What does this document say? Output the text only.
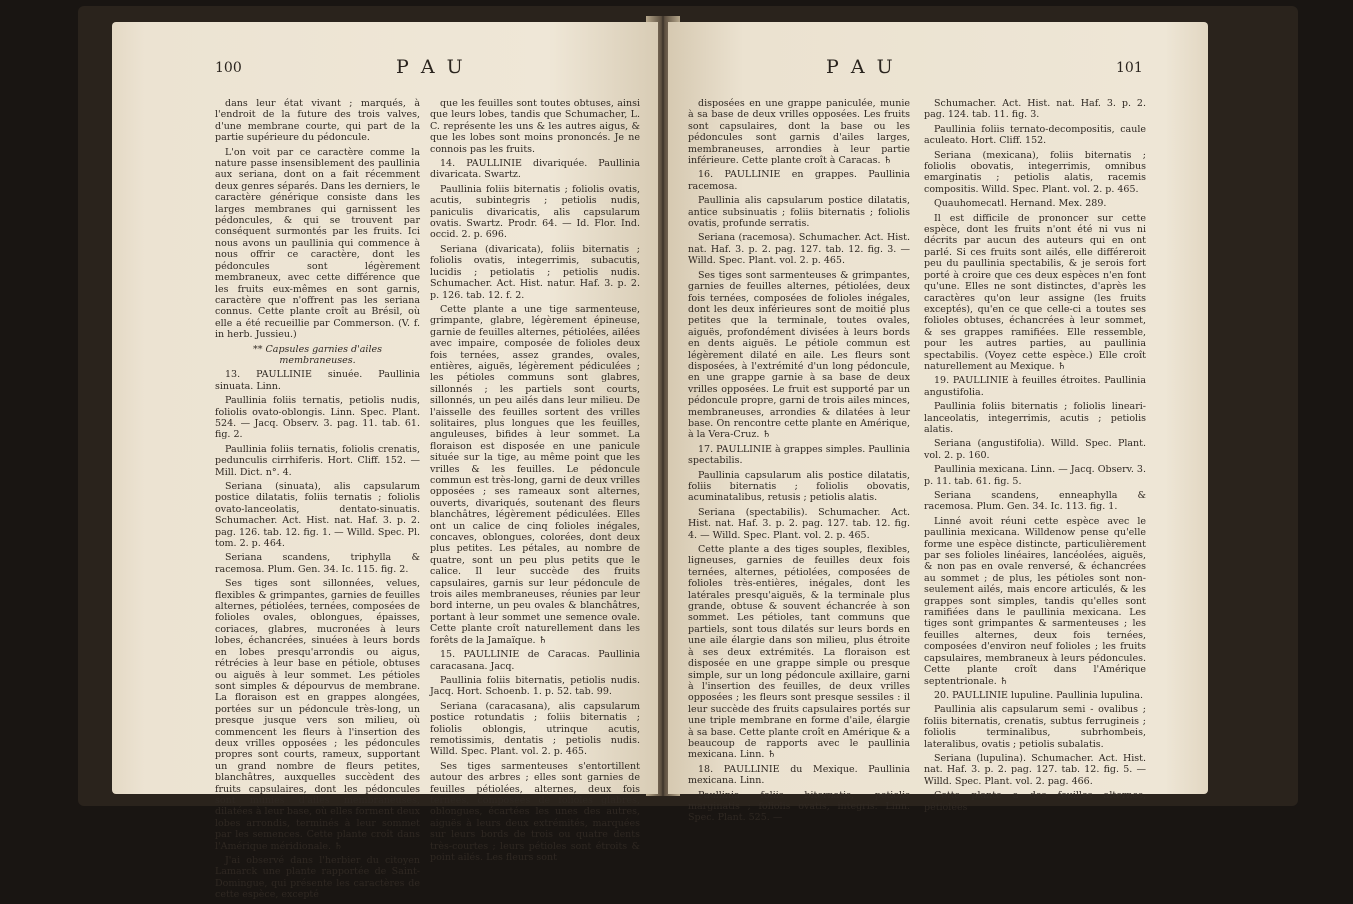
100	P A U

dans leur état vivant ; marqués, à l'endroit de la future des trois valves, d'une membrane courte, qui part de la partie supérieure du pédoncule.

L'on voit par ce caractère comme la nature passe insensiblement des paullinia aux seriana, dont on a fait récemment deux genres séparés. Dans les derniers, le caractère générique consiste dans les larges membranes qui garnissent les pédoncules, & qui se trouvent par conséquent surmontés par les fruits. Ici nous avons un paullinia qui commence à nous offrir ce caractère, dont les pédoncules sont légèrement membraneux, avec cette différence que les fruits eux-mêmes en sont garnis, caractère que n'offrent pas les seriana connus. Cette plante croît au Brésil, où elle a été recueillie par Commerson. (V. f. in herb. Jussieu.)

** Capsules garnies d'ailes membraneuses.

13. PAULLINIE sinuée. Paullinia sinuata. Linn.

Paullinia foliis ternatis, petiolis nudis, foliolis ovato-oblongis. Linn. Spec. Plant. 524. — Jacq. Observ. 3. pag. 11. tab. 61. fig. 2.

Paullinia foliis ternatis, foliolis crenatis, pedunculis cirrhiferis. Hort. Cliff. 152. — Mill. Dict. n°. 4.

Seriana (sinuata), alis capsularum postice dilatatis, foliis ternatis ; foliolis ovato-lanceolatis, dentato-sinuatis. Schumacher. Act. Hist. nat. Haf. 3. p. 2. pag. 126. tab. 12. fig. 1. — Willd. Spec. Pl. tom. 2. p. 464.

Seriana scandens, triphylla & racemosa. Plum. Gen. 34. Ic. 115. fig. 2.

Ses tiges sont sillonnées, velues, flexibles & grimpantes, garnies de feuilles alternes, pétiolées, ternées, composées de folioles ovales, oblongues, épaisses, coriaces, glabres, mucronées à leurs lobes, échancrées, sinuées à leurs bords en lobes presqu'arrondis ou aigus, rétrécies à leur base en pétiole, obtuses ou aiguës à leur sommet. Les pétioles sont simples & dépourvus de membrane. La floraison est en grappes alongées, portées sur un pédoncule très-long, un presque jusque vers son milieu, où commencent les fleurs à l'insertion des deux vrilles opposées ; les pédoncules propres sont courts, rameux, supportant un grand nombre de fleurs petites, blanchâtres, auxquelles succèdent des fruits capsulaires, dont les pédoncules sont munies d'ailes membraneuses, dilatées à leur base, où elles forment deux lobes arrondis, terminés à leur sommet par les semences. Cette plante croît dans l'Amérique méridionale. ♄

J'ai observé dans l'herbier du citoyen Lamarck une plante rapportée de Saint-Domingue, qui présente les caractères de cette espèce, excepté

que les feuilles sont toutes obtuses, ainsi que leurs lobes, tandis que Schumacher, L. C. représente les uns & les autres aigus, & que les lobes sont moins prononcés. Je ne connois pas les fruits.

14. PAULLINIE divariquée. Paullinia divaricata. Swartz.

Paullinia foliis biternatis ; foliolis ovatis, acutis, subintegris ; petiolis nudis, paniculis divaricatis, alis capsularum ovatis. Swartz. Prodr. 64. — Id. Flor. Ind. occid. 2. p. 696.

Seriana (divaricata), foliis biternatis ; foliolis ovatis, integerrimis, subacutis, lucidis ; petiolatis ; petiolis nudis. Schumacher. Act. Hist. natur. Haf. 3. p. 2. p. 126. tab. 12. f. 2.

Cette plante a une tige sarmenteuse, grimpante, glabre, légèrement épineuse, garnie de feuilles alternes, pétiolées, ailées avec impaire, composée de folioles deux fois ternées, assez grandes, ovales, entières, aiguës, légèrement pédiculées ; les pétioles communs sont glabres, sillonnés ; les partiels sont courts, sillonnés, un peu ailés dans leur milieu. De l'aisselle des feuilles sortent des vrilles solitaires, plus longues que les feuilles, anguleuses, bifides à leur sommet. La floraison est disposée en une panicule située sur la tige, au même point que les vrilles & les feuilles. Le pédoncule commun est très-long, garni de deux vrilles opposées ; ses rameaux sont alternes, ouverts, divariqués, soutenant des fleurs blanchâtres, légèrement pédiculées. Elles ont un calice de cinq folioles inégales, concaves, oblongues, colorées, dont deux plus petites. Les pétales, au nombre de quatre, sont un peu plus petits que le calice. Il leur succède des fruits capsulaires, garnis sur leur pédoncule de trois ailes membraneuses, réunies par leur bord interne, un peu ovales & blanchâtres, portant à leur sommet une semence ovale. Cette plante croît naturellement dans les forêts de la Jamaïque. ♄

15. PAULLINIE de Caracas. Paullinia caracasana. Jacq.

Paullinia foliis biternatis, petiolis nudis. Jacq. Hort. Schoenb. 1. p. 52. tab. 99.

Seriana (caracasana), alis capsularum postice rotundatis ; foliis biternatis ; foliolis oblongis, utrinque acutis, remotissimis, dentatis ; petiolis nudis. Willd. Spec. Plant. vol. 2. p. 465.

Ses tiges sarmenteuses s'entortillent autour des arbres ; elles sont garnies de feuilles pétiolées, alternes, deux fois ternées, composées de folioles glabres, oblongues, écartées les unes des autres, aiguës à leurs deux extrémités, marquées sur leurs bords de trois ou quatre dents très-courtes ; leurs pétioles sont étroits & point ailés. Les fleurs sont

P A U	101

disposées en une grappe paniculée, munie à sa base de deux vrilles opposées. Les fruits sont capsulaires, dont la base ou les pédoncules sont garnis d'ailes larges, membraneuses, arrondies à leur partie inférieure. Cette plante croît à Caracas. ♄

16. PAULLINIE en grappes. Paullinia racemosa.

Paullinia alis capsularum postice dilatatis, antice subsinuatis ; foliis biternatis ; foliolis ovatis, profunde serratis.

Seriana (racemosa). Schumacher. Act. Hist. nat. Haf. 3. p. 2. pag. 127. tab. 12. fig. 3. — Willd. Spec. Plant. vol. 2. p. 465.

Ses tiges sont sarmenteuses & grimpantes, garnies de feuilles alternes, pétiolées, deux fois ternées, composées de folioles inégales, dont les deux inférieures sont de moitié plus petites que la terminale, toutes ovales, aiguës, profondément divisées à leurs bords en dents aiguës. Le pétiole commun est légèrement dilaté en aile. Les fleurs sont disposées, à l'extrémité d'un long pédoncule, en une grappe garnie à sa base de deux vrilles opposées. Le fruit est supporté par un pédoncule propre, garni de trois ailes minces, membraneuses, arrondies & dilatées à leur base. On rencontre cette plante en Amérique, à la Vera-Cruz. ♄

17. PAULLINIE à grappes simples. Paullinia spectabilis.

Paullinia capsularum alis postice dilatatis, foliis biternatis ; foliolis obovatis, acuminatalibus, retusis ; petiolis alatis.

Seriana (spectabilis). Schumacher. Act. Hist. nat. Haf. 3. p. 2. pag. 127. tab. 12. fig. 4. — Willd. Spec. Plant. vol. 2. p. 465.

Cette plante a des tiges souples, flexibles, ligneuses, garnies de feuilles deux fois ternées, alternes, pétiolées, composées de folioles très-entières, inégales, dont les latérales presqu'aiguës, & la terminale plus grande, obtuse & souvent échancrée à son sommet. Les pétioles, tant communs que partiels, sont tous dilatés sur leurs bords en une aile élargie dans son milieu, plus étroite à ses deux extrémités. La floraison est disposée en une grappe simple ou presque simple, sur un long pédoncule axillaire, garni à l'insertion des feuilles, de deux vrilles opposées ; les fleurs sont presque sessiles : il leur succède des fruits capsulaires portés sur une triple membrane en forme d'aile, élargie à sa base. Cette plante croît en Amérique & a beaucoup de rapports avec le paullinia mexicana. Linn. ♄

18. PAULLINIE du Mexique. Paullinia mexicana. Linn.

Paullinia foliis biternatis, petiolis marginatis ; foliolis ovatis, integris. Linn. Spec. Plant. 525. —

Schumacher. Act. Hist. nat. Haf. 3. p. 2. pag. 124. tab. 11. fig. 3.

Paullinia foliis ternato-decompositis, caule aculeato. Hort. Cliff. 152.

Seriana (mexicana), foliis biternatis ; foliolis obovatis, integerrimis, omnibus emarginatis ; petiolis alatis, racemis compositis. Willd. Spec. Plant. vol. 2. p. 465.

Quauhomecatl. Hernand. Mex. 289.

Il est difficile de prononcer sur cette espèce, dont les fruits n'ont été ni vus ni décrits par aucun des auteurs qui en ont parlé. Si ces fruits sont ailés, elle différeroit peu du paullinia spectabilis, & je serois fort porté à croire que ces deux espèces n'en font qu'une. Elles ne sont distinctes, d'après les caractères qu'on leur assigne (les fruits exceptés), qu'en ce que celle-ci a toutes ses folioles obtuses, échancrées à leur sommet, & ses grappes ramifiées. Elle ressemble, pour les autres parties, au paullinia spectabilis. (Voyez cette espèce.) Elle croît naturellement au Mexique. ♄

19. PAULLINIE à feuilles étroites. Paullinia angustifolia.

Paullinia foliis biternatis ; foliolis lineari-lanceolatis, integerrimis, acutis ; petiolis alatis.

Seriana (angustifolia). Willd. Spec. Plant. vol. 2. p. 160.

Paullinia mexicana. Linn. — Jacq. Observ. 3. p. 11. tab. 61. fig. 5.

Seriana scandens, enneaphylla & racemosa. Plum. Gen. 34. Ic. 113. fig. 1.

Linné avoit réuni cette espèce avec le paullinia mexicana. Willdenow pense qu'elle forme une espèce distincte, particulièrement par ses folioles linéaires, lancéolées, aiguës, & non pas en ovale renversé, & échancrées au sommet ; de plus, les pétioles sont non-seulement ailés, mais encore articulés, & les grappes sont simples, tandis qu'elles sont ramifiées dans le paullinia mexicana. Les tiges sont grimpantes & sarmenteuses ; les feuilles alternes, deux fois ternées, composées d'environ neuf folioles ; les fruits capsulaires, membraneux à leurs pédoncules. Cette plante croît dans l'Amérique septentrionale. ♄

20. PAULLINIE lupuline. Paullinia lupulina.

Paullinia alis capsularum semi - ovalibus ; foliis biternatis, crenatis, subtus ferrugineis ; foliolis terminalibus, subrhombeis, lateralibus, ovatis ; petiolis subalatis.

Seriana (lupulina). Schumacher. Act. Hist. nat. Haf. 3. p. 2. pag. 127. tab. 12. fig. 5. — Willd. Spec. Plant. vol. 2. pag. 466.

Cette plante a des feuilles alternes, pétiolées
